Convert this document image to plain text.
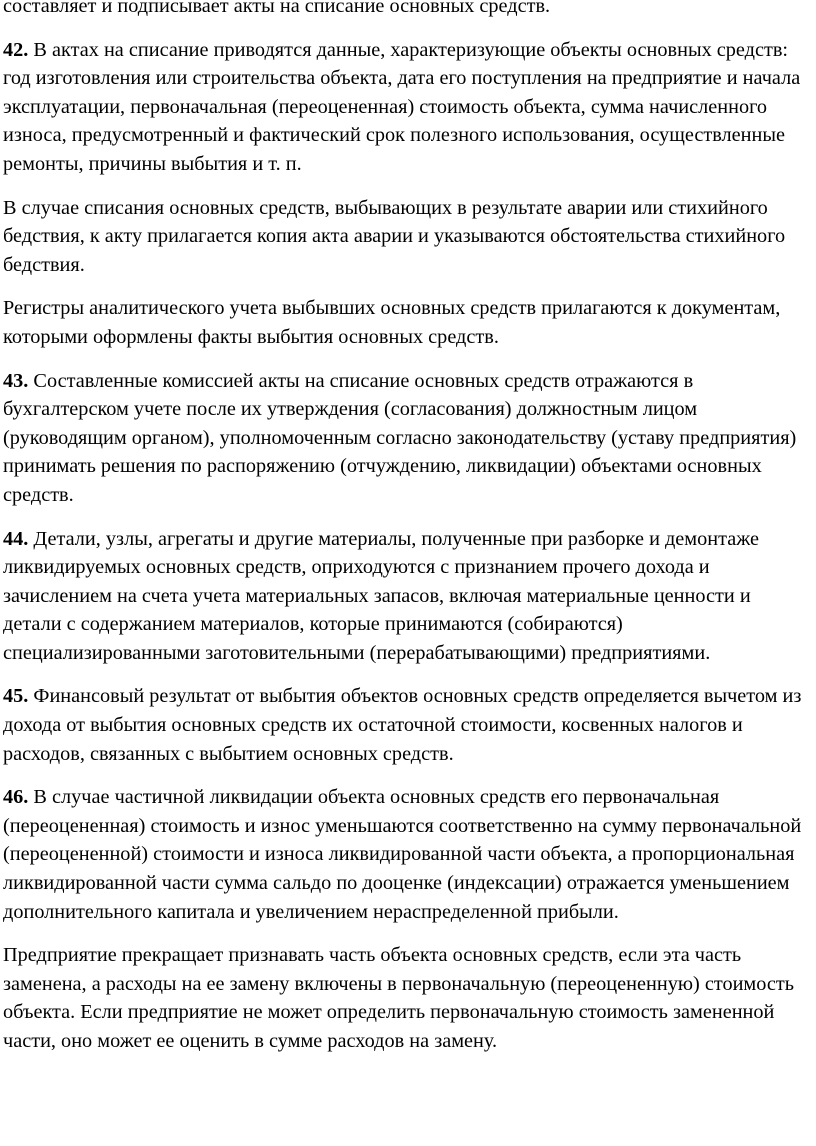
составляет и подписывает акты на списание основных средств.

42. В актах на списание приводятся данные, характеризующие объекты основных средств: год изготовления или строительства объекта, дата его поступления на предприятие и начала эксплуатации, первоначальная (переоцененная) стоимость объекта, сумма начисленного износа, предусмотренный и фактический срок полезного использования, осуществленные ремонты, причины выбытия и т. п.

В случае списания основных средств, выбывающих в результате аварии или стихийного бедствия, к акту прилагается копия акта аварии и указываются обстоятельства стихийного бедствия.

Регистры аналитического учета выбывших основных средств прилагаются к документам, которыми оформлены факты выбытия основных средств.

43. Составленные комиссией акты на списание основных средств отражаются в бухгалтерском учете после их утверждения (согласования) должностным лицом (руководящим органом), уполномоченным согласно законодательству (уставу предприятия) принимать решения по распоряжению (отчуждению, ликвидации) объектами основных средств.

44. Детали, узлы, агрегаты и другие материалы, полученные при разборке и демонтаже ликвидируемых основных средств, оприходуются с признанием прочего дохода и зачислением на счета учета материальных запасов, включая материальные ценности и детали с содержанием материалов, которые принимаются (собираются) специализированными заготовительными (перерабатывающими) предприятиями.

45. Финансовый результат от выбытия объектов основных средств определяется вычетом из дохода от выбытия основных средств их остаточной стоимости, косвенных налогов и расходов, связанных с выбытием основных средств.

46. В случае частичной ликвидации объекта основных средств его первоначальная (переоцененная) стоимость и износ уменьшаются соответственно на сумму первоначальной (переоцененной) стоимости и износа ликвидированной части объекта, а пропорциональная ликвидированной части сумма сальдо по дооценке (индексации) отражается уменьшением дополнительного капитала и увеличением нераспределенной прибыли.

Предприятие прекращает признавать часть объекта основных средств, если эта часть заменена, а расходы на ее замену включены в первоначальную (переоцененную) стоимость объекта. Если предприятие не может определить первоначальную стоимость замененной части, оно может ее оценить в сумме расходов на замену.
